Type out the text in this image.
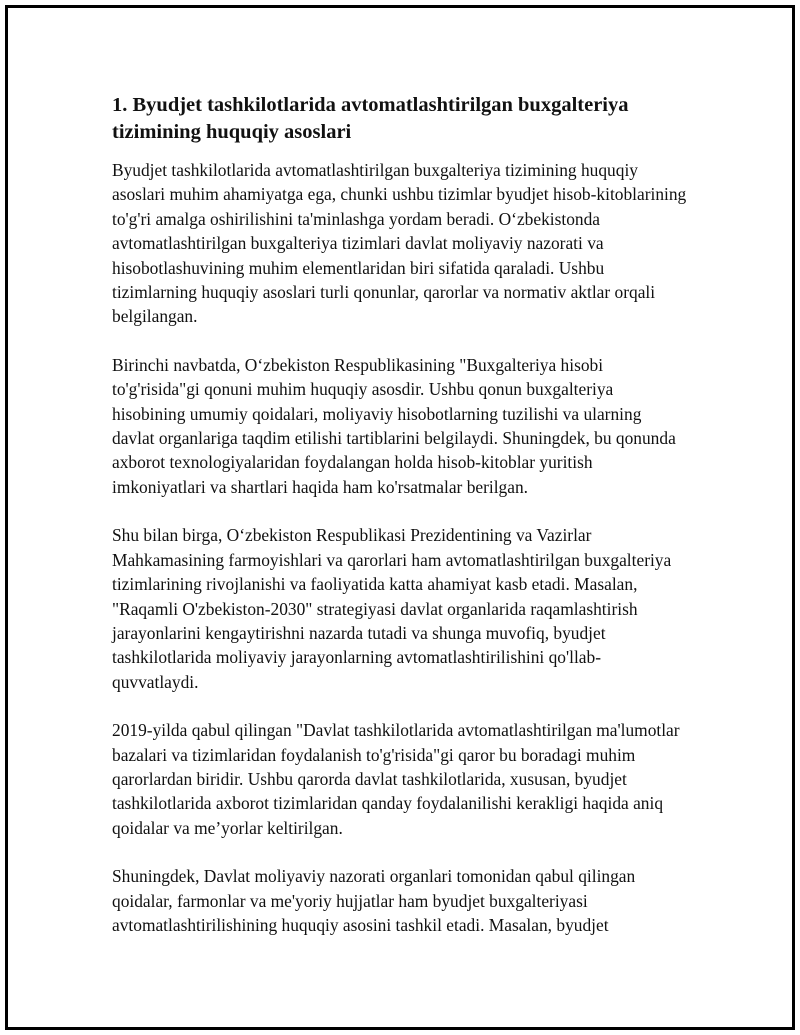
1. Byudjet tashkilotlarida avtomatlashtirilgan buxgalteriya tizimining huquqiy asoslari

Byudjet tashkilotlarida avtomatlashtirilgan buxgalteriya tizimining huquqiy asoslari muhim ahamiyatga ega, chunki ushbu tizimlar byudjet hisob-kitoblarining to'g'ri amalga oshirilishini ta'minlashga yordam beradi. O‘zbekistonda avtomatlashtirilgan buxgalteriya tizimlari davlat moliyaviy nazorati va hisobotlashuvining muhim elementlaridan biri sifatida qaraladi. Ushbu tizimlarning huquqiy asoslari turli qonunlar, qarorlar va normativ aktlar orqali belgilangan.

Birinchi navbatda, O‘zbekiston Respublikasining "Buxgalteriya hisobi to'g'risida"gi qonuni muhim huquqiy asosdir. Ushbu qonun buxgalteriya hisobining umumiy qoidalari, moliyaviy hisobotlarning tuzilishi va ularning davlat organlariga taqdim etilishi tartiblarini belgilaydi. Shuningdek, bu qonunda axborot texnologiyalaridan foydalangan holda hisob-kitoblar yuritish imkoniyatlari va shartlari haqida ham ko'rsatmalar berilgan.

Shu bilan birga, O‘zbekiston Respublikasi Prezidentining va Vazirlar Mahkamasining farmoyishlari va qarorlari ham avtomatlashtirilgan buxgalteriya tizimlarining rivojlanishi va faoliyatida katta ahamiyat kasb etadi. Masalan, "Raqamli O'zbekiston-2030" strategiyasi davlat organlarida raqamlashtirish jarayonlarini kengaytirishni nazarda tutadi va shunga muvofiq, byudjet tashkilotlarida moliyaviy jarayonlarning avtomatlashtirilishini qo'llab-quvvatlaydi.

2019-yilda qabul qilingan "Davlat tashkilotlarida avtomatlashtirilgan ma'lumotlar bazalari va tizimlaridan foydalanish to'g'risida"gi qaror bu boradagi muhim qarorlardan biridir. Ushbu qarorda davlat tashkilotlarida, xususan, byudjet tashkilotlarida axborot tizimlaridan qanday foydalanilishi kerakligi haqida aniq qoidalar va me’yorlar keltirilgan.

Shuningdek, Davlat moliyaviy nazorati organlari tomonidan qabul qilingan qoidalar, farmonlar va me'yoriy hujjatlar ham byudjet buxgalteriyasi avtomatlashtirilishining huquqiy asosini tashkil etadi. Masalan, byudjet
